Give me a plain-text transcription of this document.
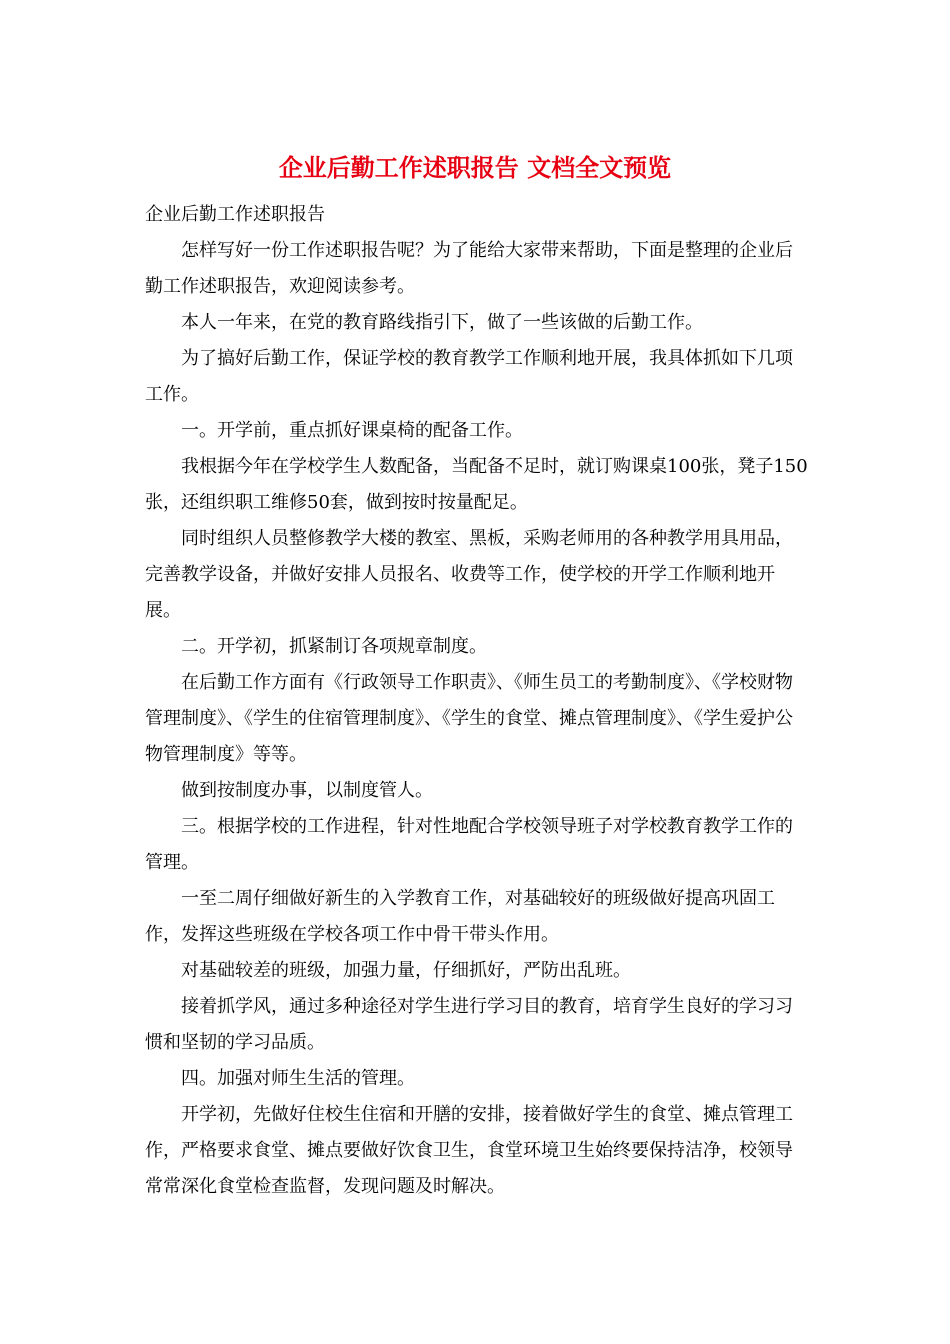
企业后勤工作述职报告 文档全文预览

企业后勤工作述职报告

怎样写好一份工作述职报告呢？为了能给大家带来帮助，下面是整理的企业后勤工作述职报告，欢迎阅读参考。

本人一年来，在党的教育路线指引下，做了一些该做的后勤工作。

为了搞好后勤工作，保证学校的教育教学工作顺利地开展，我具体抓如下几项工作。

一。开学前，重点抓好课桌椅的配备工作。

我根据今年在学校学生人数配备，当配备不足时，就订购课桌100张，凳子150张，还组织职工维修50套，做到按时按量配足。

同时组织人员整修教学大楼的教室、黑板，采购老师用的各种教学用具用品，完善教学设备，并做好安排人员报名、收费等工作，使学校的开学工作顺利地开展。

二。开学初，抓紧制订各项规章制度。

在后勤工作方面有《行政领导工作职责》、《师生员工的考勤制度》、《学校财物管理制度》、《学生的住宿管理制度》、《学生的食堂、摊点管理制度》、《学生爱护公物管理制度》等等。

做到按制度办事，以制度管人。

三。根据学校的工作进程，针对性地配合学校领导班子对学校教育教学工作的管理。

一至二周仔细做好新生的入学教育工作，对基础较好的班级做好提高巩固工作，发挥这些班级在学校各项工作中骨干带头作用。

对基础较差的班级，加强力量，仔细抓好，严防出乱班。

接着抓学风，通过多种途径对学生进行学习目的教育，培育学生良好的学习习惯和坚韧的学习品质。

四。加强对师生生活的管理。

开学初，先做好住校生住宿和开膳的安排，接着做好学生的食堂、摊点管理工作，严格要求食堂、摊点要做好饮食卫生，食堂环境卫生始终要保持洁净，校领导常常深化食堂检查监督，发现问题及时解决。
